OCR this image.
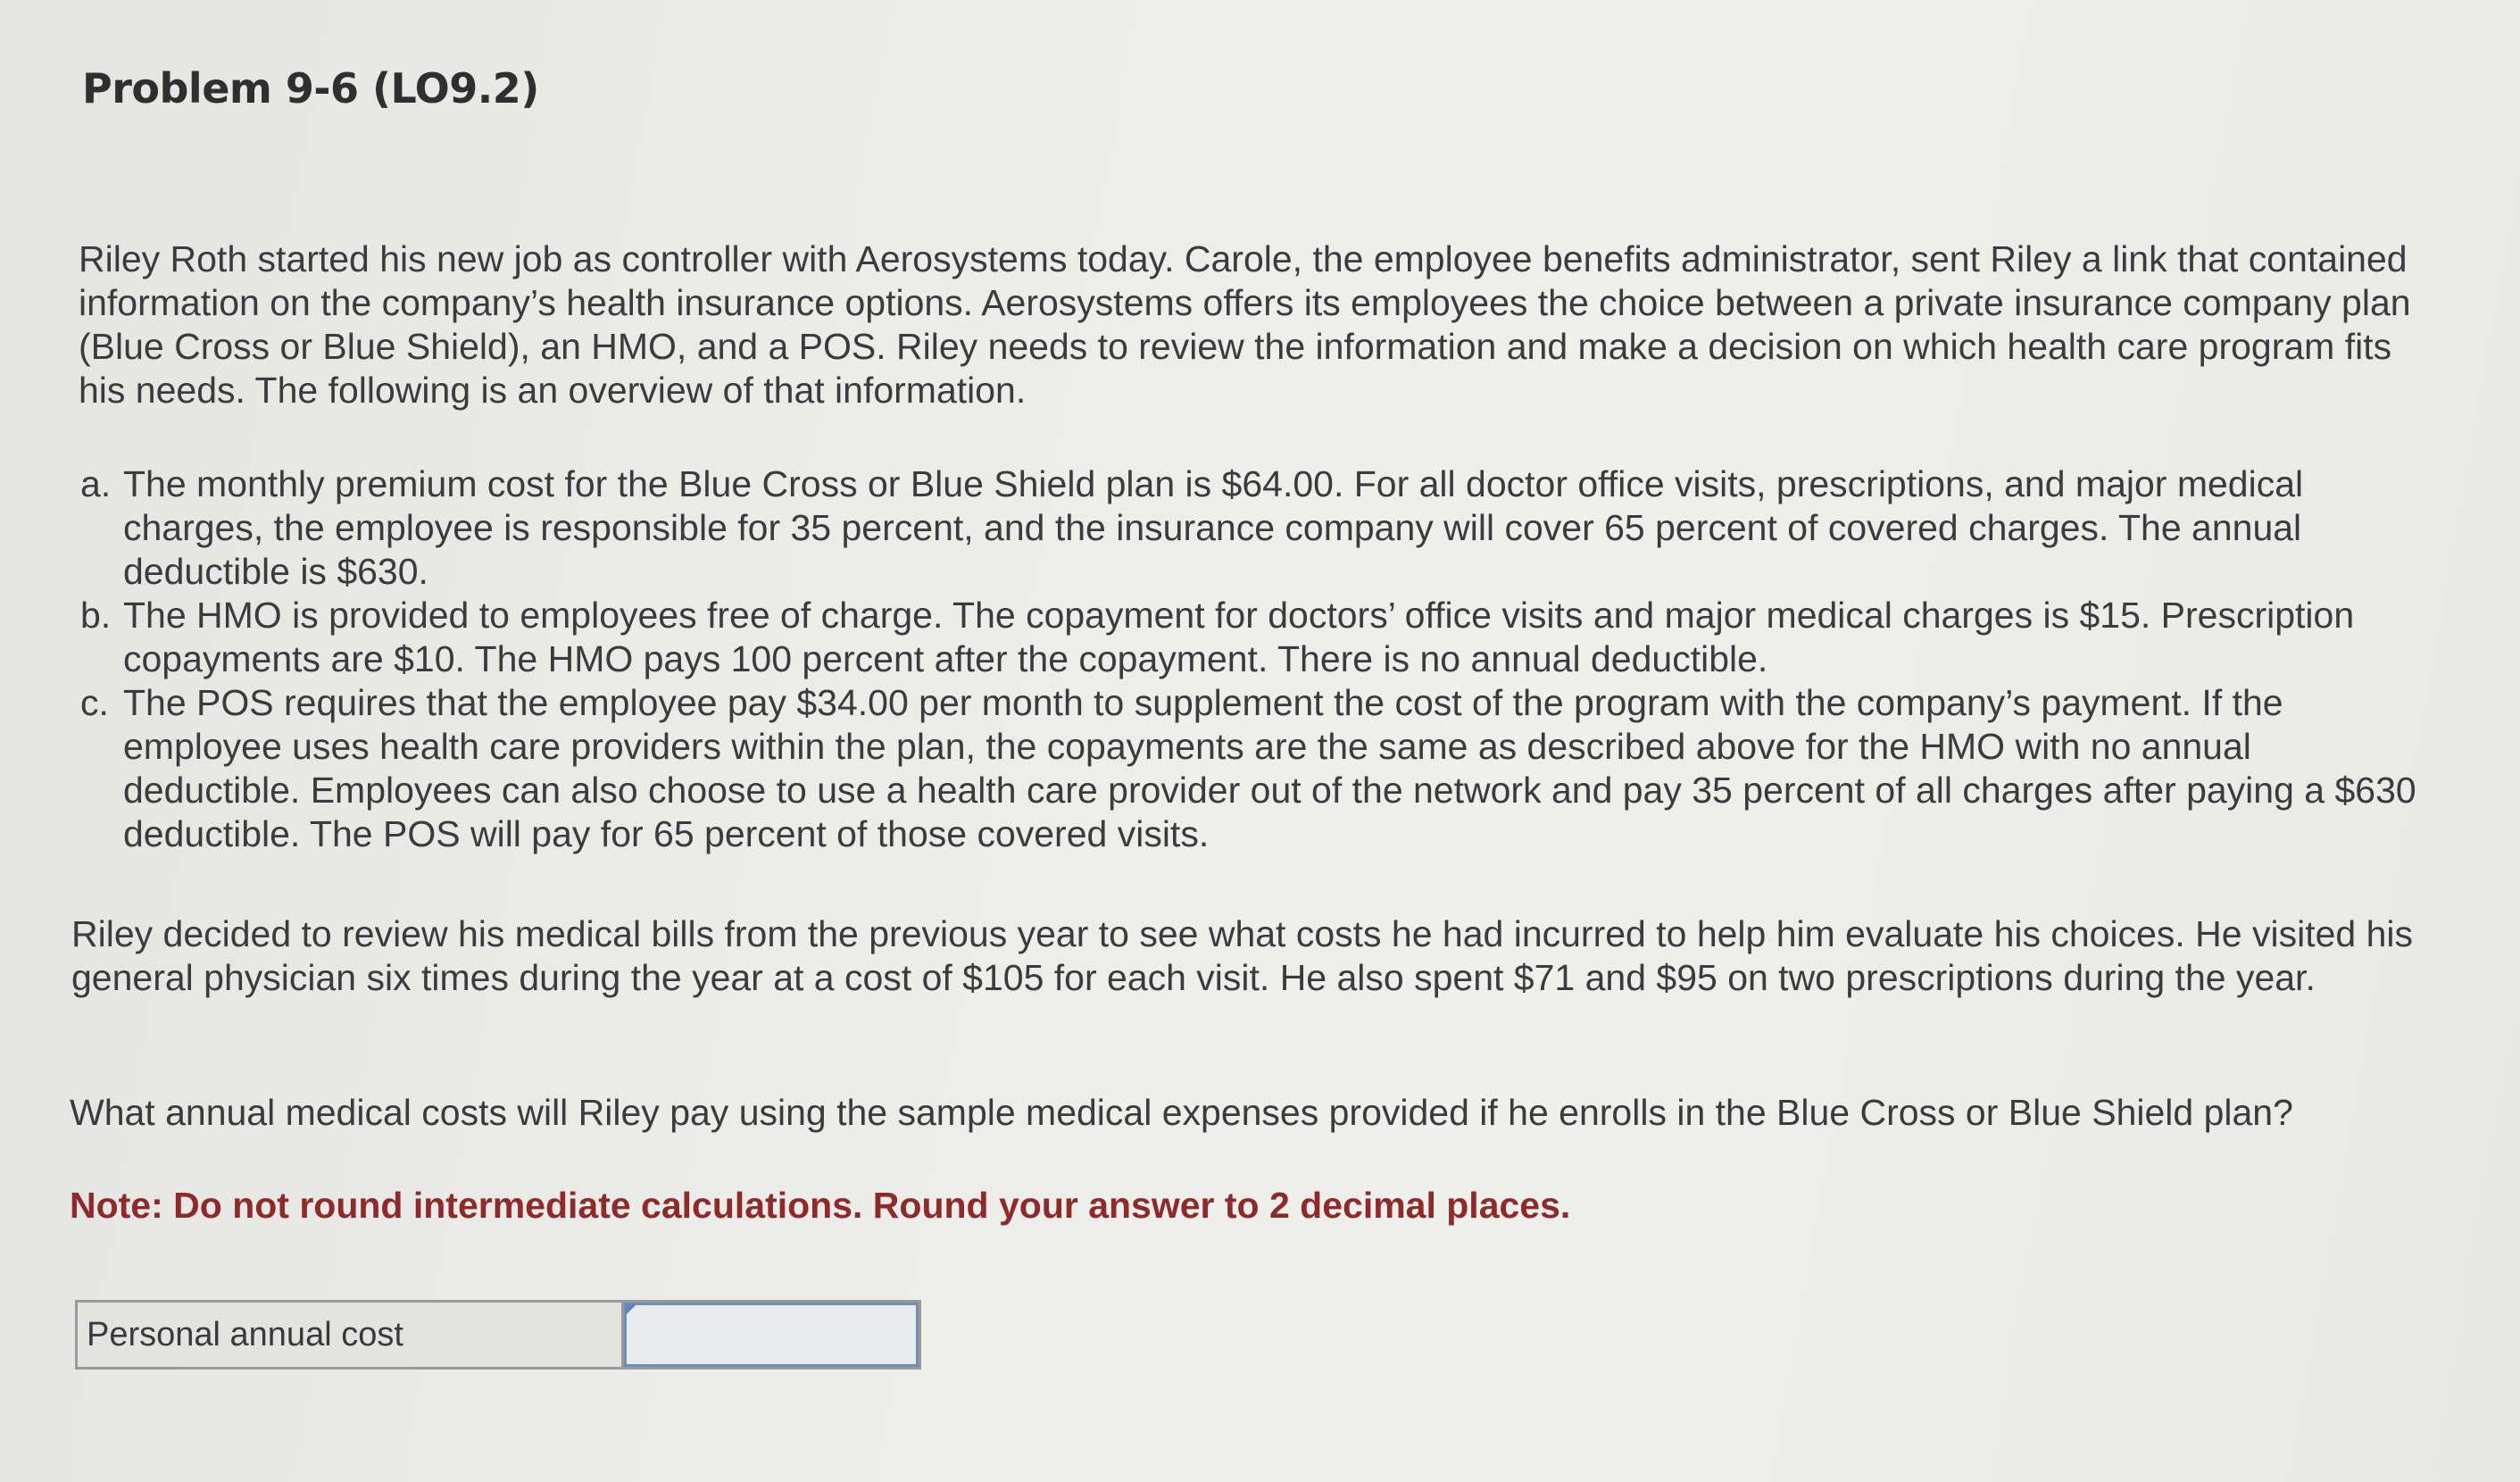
Problem 9-6 (LO9.2)

Riley Roth started his new job as controller with Aerosystems today. Carole, the employee benefits administrator, sent Riley a link that contained information on the company’s health insurance options. Aerosystems offers its employees the choice between a private insurance company plan (Blue Cross or Blue Shield), an HMO, and a POS. Riley needs to review the information and make a decision on which health care program fits his needs. The following is an overview of that information.

a. The monthly premium cost for the Blue Cross or Blue Shield plan is $64.00. For all doctor office visits, prescriptions, and major medical charges, the employee is responsible for 35 percent, and the insurance company will cover 65 percent of covered charges. The annual deductible is $630.

b. The HMO is provided to employees free of charge. The copayment for doctors’ office visits and major medical charges is $15. Prescription copayments are $10. The HMO pays 100 percent after the copayment. There is no annual deductible.

c. The POS requires that the employee pay $34.00 per month to supplement the cost of the program with the company’s payment. If the employee uses health care providers within the plan, the copayments are the same as described above for the HMO with no annual deductible. Employees can also choose to use a health care provider out of the network and pay 35 percent of all charges after paying a $630 deductible. The POS will pay for 65 percent of those covered visits.

Riley decided to review his medical bills from the previous year to see what costs he had incurred to help him evaluate his choices. He visited his general physician six times during the year at a cost of $105 for each visit. He also spent $71 and $95 on two prescriptions during the year.

What annual medical costs will Riley pay using the sample medical expenses provided if he enrolls in the Blue Cross or Blue Shield plan?

Note: Do not round intermediate calculations. Round your answer to 2 decimal places.
Personal annual cost
